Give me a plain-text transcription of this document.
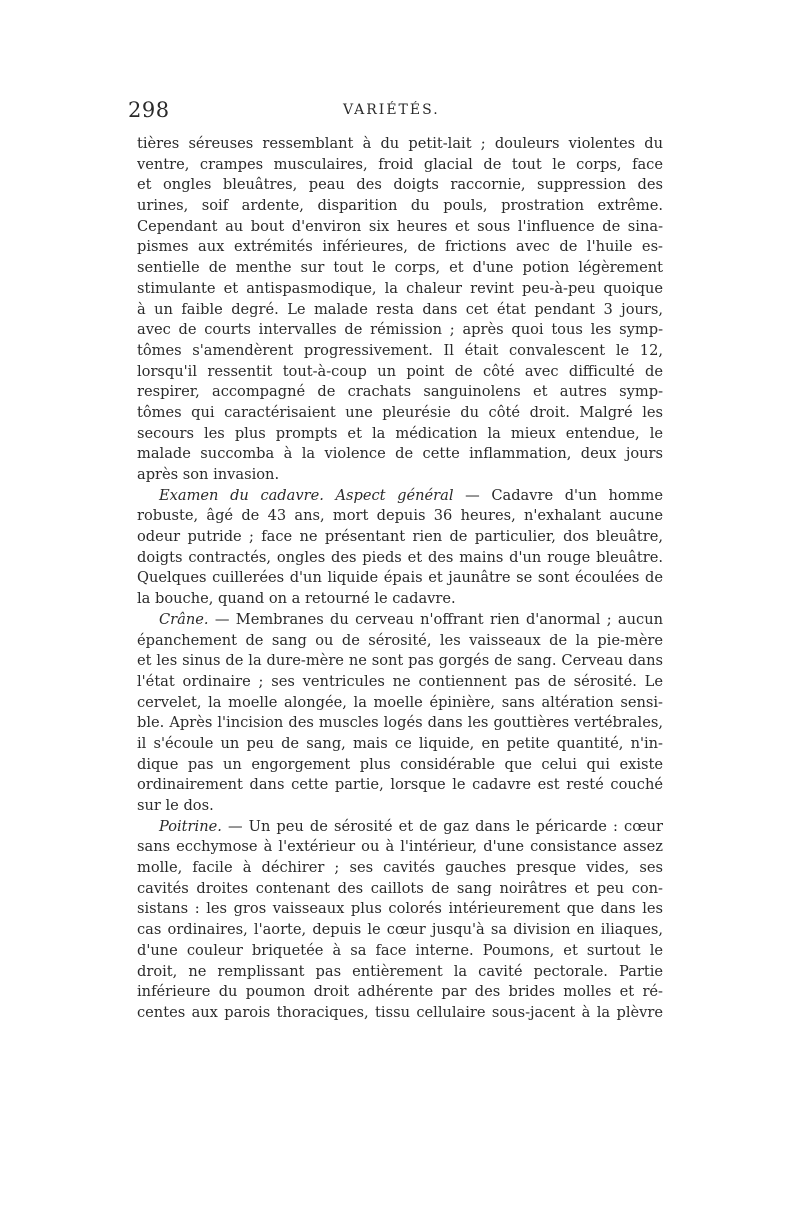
298	VARIÉTÉS.
tières séreuses ressemblant à du petit-lait ; douleurs violentes du
ventre, crampes musculaires, froid glacial de tout le corps, face
et ongles bleuâtres, peau des doigts raccornie, suppression des
urines, soif ardente, disparition du pouls, prostration extrême.
Cependant au bout d'environ six heures et sous l'influence de sina-
pismes aux extrémités inférieures, de frictions avec de l'huile es-
sentielle de menthe sur tout le corps, et d'une potion légèrement
stimulante et antispasmodique, la chaleur revint peu-à-peu quoique
à un faible degré. Le malade resta dans cet état pendant 3 jours,
avec de courts intervalles de rémission ; après quoi tous les symp-
tômes s'amendèrent progressivement. Il était convalescent le 12,
lorsqu'il ressentit tout-à-coup un point de côté avec difficulté de
respirer, accompagné de crachats sanguinolens et autres symp-
tômes qui caractérisaient une pleurésie du côté droit. Malgré les
secours les plus prompts et la médication la mieux entendue, le
malade succomba à la violence de cette inflammation, deux jours
après son invasion.
Examen du cadavre. Aspect général — Cadavre d'un homme
robuste, âgé de 43 ans, mort depuis 36 heures, n'exhalant aucune
odeur putride ; face ne présentant rien de particulier, dos bleuâtre,
doigts contractés, ongles des pieds et des mains d'un rouge bleuâtre.
Quelques cuillerées d'un liquide épais et jaunâtre se sont écoulées de
la bouche, quand on a retourné le cadavre.
Crâne. — Membranes du cerveau n'offrant rien d'anormal ; aucun
épanchement de sang ou de sérosité, les vaisseaux de la pie-mère
et les sinus de la dure-mère ne sont pas gorgés de sang. Cerveau dans
l'état ordinaire ; ses ventricules ne contiennent pas de sérosité. Le
cervelet, la moelle alongée, la moelle épinière, sans altération sensi-
ble. Après l'incision des muscles logés dans les gouttières vertébrales,
il s'écoule un peu de sang, mais ce liquide, en petite quantité, n'in-
dique pas un engorgement plus considérable que celui qui existe
ordinairement dans cette partie, lorsque le cadavre est resté couché
sur le dos.
Poitrine. — Un peu de sérosité et de gaz dans le péricarde : cœur
sans ecchymose à l'extérieur ou à l'intérieur, d'une consistance assez
molle, facile à déchirer ; ses cavités gauches presque vides, ses
cavités droites contenant des caillots de sang noirâtres et peu con-
sistans : les gros vaisseaux plus colorés intérieurement que dans les
cas ordinaires, l'aorte, depuis le cœur jusqu'à sa division en iliaques,
d'une couleur briquetée à sa face interne. Poumons, et surtout le
droit, ne remplissant pas entièrement la cavité pectorale. Partie
inférieure du poumon droit adhérente par des brides molles et ré-
centes aux parois thoraciques, tissu cellulaire sous-jacent à la plèvre
